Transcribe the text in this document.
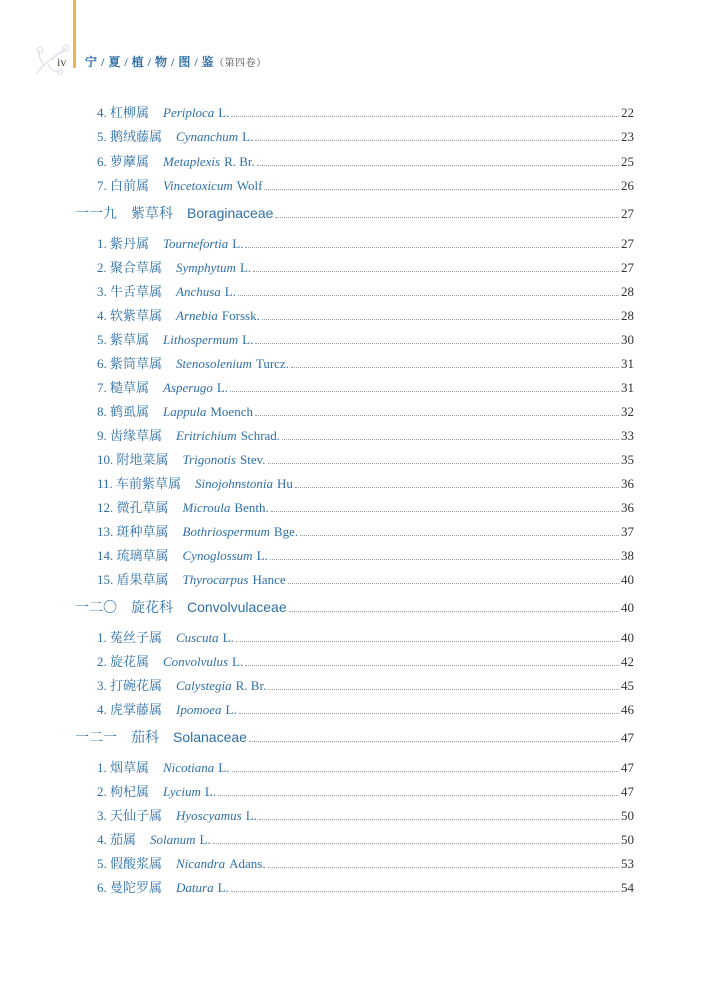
iv 宁 / 夏 / 植 / 物 / 图 / 鉴（第四卷）
4. 杠柳属 Periploca L.	22
5. 鹅绒藤属 Cynanchum L.	23
6. 萝藦属 Metaplexis R. Br.	25
7. 白前属 Vincetoxicum Wolf	26
一一九 紫草科 Boraginaceae	27
1. 紫丹属 Tournefortia L.	27
2. 聚合草属 Symphytum L.	27
3. 牛舌草属 Anchusa L.	28
4. 软紫草属 Arnebia Forssk.	28
5. 紫草属 Lithospermum L.	30
6. 紫筒草属 Stenosolenium Turcz.	31
7. 糙草属 Asperugo L.	31
8. 鹤虱属 Lappula Moench	32
9. 齿缘草属 Eritrichium Schrad.	33
10. 附地菜属 Trigonotis Stev.	35
11. 车前紫草属 Sinojohnstonia Hu	36
12. 微孔草属 Microula Benth.	36
13. 斑种草属 Bothriospermum Bge.	37
14. 琉璃草属 Cynoglossum L.	38
15. 盾果草属 Thyrocarpus Hance	40
一二〇 旋花科 Convolvulaceae	40
1. 菟丝子属 Cuscuta L.	40
2. 旋花属 Convolvulus L.	42
3. 打碗花属 Calystegia R. Br.	45
4. 虎掌藤属 Ipomoea L.	46
一二一 茄科 Solanaceae	47
1. 烟草属 Nicotiana L.	47
2. 枸杞属 Lycium L.	47
3. 天仙子属 Hyoscyamus L.	50
4. 茄属 Solanum L.	50
5. 假酸浆属 Nicandra Adans.	53
6. 曼陀罗属 Datura L.	54
